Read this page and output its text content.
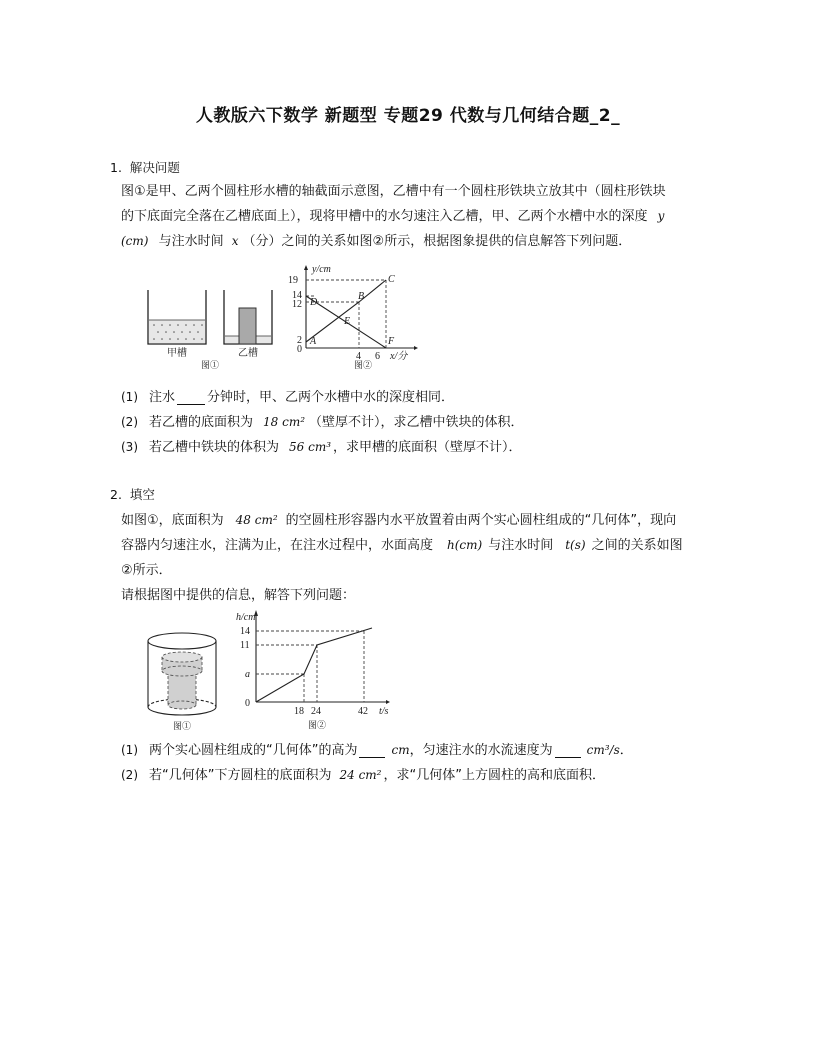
人教版六下数学 新题型 专题29 代数与几何结合题_2_
1. 解决问题
图①是甲、乙两个圆柱形水槽的轴截面示意图，乙槽中有一个圆柱形铁块立放其中（圆柱形铁块
的下底面完全落在乙槽底面上），现将甲槽中的水匀速注入乙槽，甲、乙两个水槽中水的深度 y
(cm) 与注水时间 x （分）之间的关系如图②所示，根据图象提供的信息解答下列问题．
甲槽	乙槽
图①
19
14
12
2
0
4 6
y/cm
x/分
A
B
C
D
E
F
图②
(1) 注水 分钟时，甲、乙两个水槽中水的深度相同．
(2) 若乙槽的底面积为 18 cm² （壁厚不计），求乙槽中铁块的体积．
(3) 若乙槽中铁块的体积为 56 cm³ ，求甲槽的底面积（壁厚不计）．
2. 填空
如图①，底面积为 48 cm² 的空圆柱形容器内水平放置着由两个实心圆柱组成的“几何体”，现向
容器内匀速注水，注满为止，在注水过程中，水面高度 h(cm) 与注水时间 t(s) 之间的关系如图
②所示．
请根据图中提供的信息，解答下列问题：
图①
14
11
a
0
18 24	42
h/cm
t/s
图②
(1) 两个实心圆柱组成的“几何体”的高为	cm，匀速注水的水流速度为	cm³/s．
(2) 若“几何体”下方圆柱的底面积为 24 cm² ，求“几何体”上方圆柱的高和底面积．
